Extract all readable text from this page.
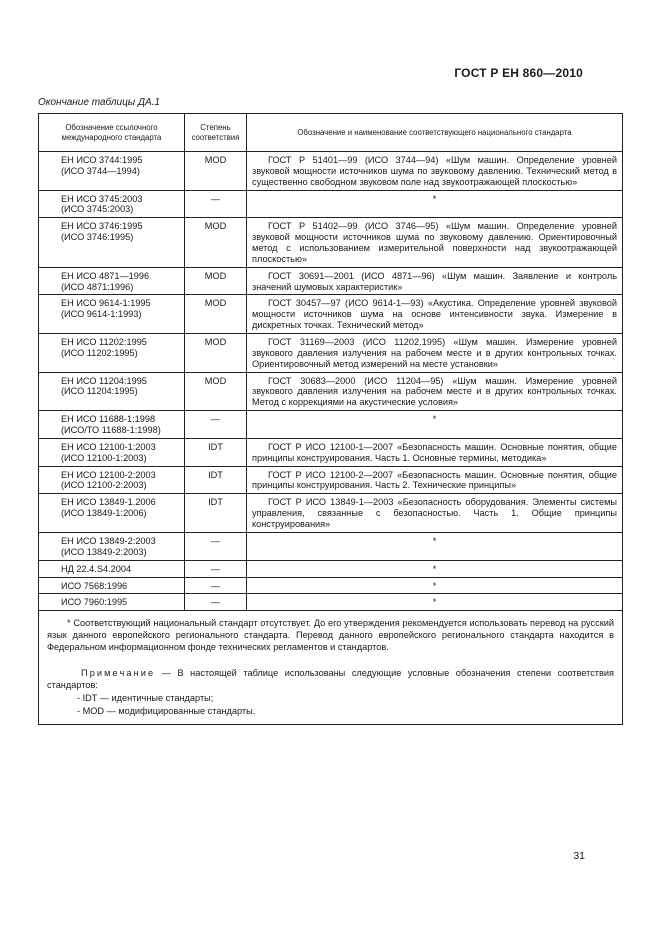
ГОСТ Р ЕН 860—2010
Окончание таблицы ДА.1
Обозначение ссылочного международного стандарта	Степень соответствия	Обозначение и наименование соответствующего национального стандарта
ЕН ИСО 3744:1995
(ИСО 3744—1994)	MOD	ГОСТ Р 51401—99 (ИСО 3744—94) «Шум машин. Определение уровней звуковой мощности источников шума по звуковому давлению. Технический метод в существенно свободном звуковом поле над звукоотражающей плоскостью»
ЕН ИСО 3745:2003
(ИСО 3745:2003)	—	*
ЕН ИСО 3746:1995
(ИСО 3746:1995)	MOD	ГОСТ Р 51402—99 (ИСО 3746—95) «Шум машин. Определение уровней звуковой мощности источников шума по звуковому давлению. Ориентировочный метод с использованием измерительной поверхности над звукоотражающей плоскостью»
ЕН ИСО 4871—1996
(ИСО 4871:1996)	MOD	ГОСТ 30691—2001 (ИСО 4871—96) «Шум машин. Заявление и контроль значений шумовых характеристик»
ЕН ИСО 9614-1:1995
(ИСО 9614-1:1993)	MOD	ГОСТ 30457—97 (ИСО 9614-1—93) «Акустика. Определение уровней звуковой мощности источников шума на основе интенсивности звука. Измерение в дискретных точках. Технический метод»
ЕН ИСО 11202:1995
(ИСО 11202:1995)	MOD	ГОСТ 31169—2003 (ИСО 11202.1995) «Шум машин. Измерение уровней звукового давления излучения на рабочем месте и в других контрольных точках. Ориентировочный метод измерений на месте установки»
ЕН ИСО 11204:1995
(ИСО 11204:1995)	MOD	ГОСТ 30683—2000 (ИСО 11204—95) «Шум машин. Измерение уровней звукового давления излучения на рабочем месте и в других контрольных точках. Метод с коррекциями на акустические условия»
ЕН ИСО 11688-1:1998
(ИСО/ТО 11688-1:1998)	—	*
ЕН ИСО 12100-1:2003
(ИСО 12100-1:2003)	IDT	ГОСТ Р ИСО 12100-1—2007 «Безопасность машин. Основные понятия, общие принципы конструирования. Часть 1. Основные термины, методика»
ЕН ИСО 12100-2:2003
(ИСО 12100-2:2003)	IDT	ГОСТ Р ИСО 12100-2—2007 «Безопасность машин. Основные понятия, общие принципы конструирования. Часть 2. Технические принципы»
ЕН ИСО 13849-1.2006
(ИСО 13849-1:2006)	IDT	ГОСТ Р ИСО 13849-1—2003 «Безопасность оборудования. Элементы системы управления, связанные с безопасностью. Часть 1. Общие принципы конструирования»
ЕН ИСО 13849-2:2003
(ИСО 13849-2:2003)	—	*
НД 22.4.S4.2004	—	*
ИСО 7568:1996	—	*
ИСО 7960:1995	—	*

* Соответствующий национальный стандарт отсутствует. До его утверждения рекомендуется использовать перевод на русский язык данного европейского регионального стандарта. Перевод данного европейского регионального стандарта находится в Федеральном информационном фонде технических регламентов и стандартов.
Примечание — В настоящей таблице использованы следующие условные обозначения степени соответствия стандартов:
- IDT — идентичные стандарты;
- MOD — модифицированные стандарты.		
31
